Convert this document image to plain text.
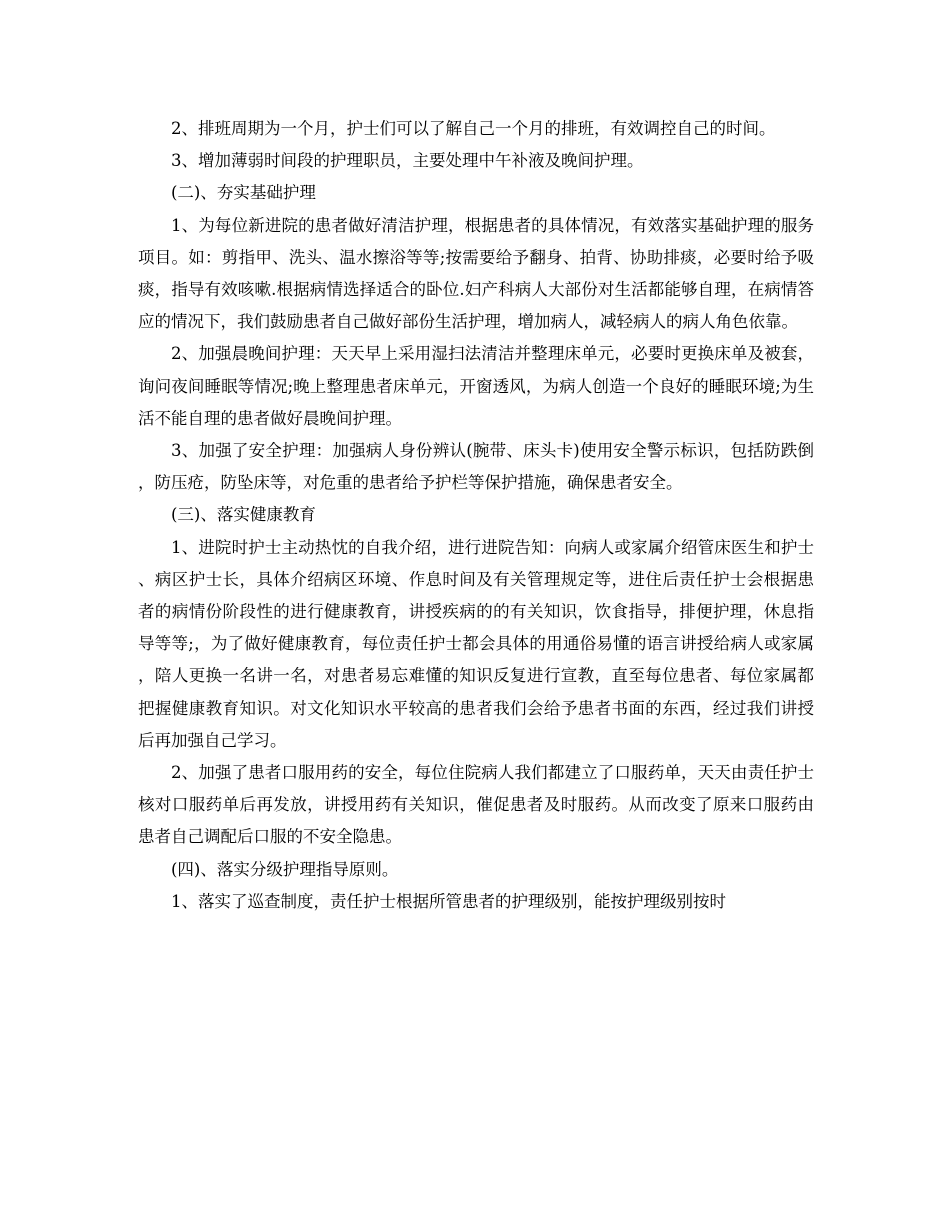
2、排班周期为一个月，护士们可以了解自己一个月的排班，有效调控自己的时间。

3、增加薄弱时间段的护理职员，主要处理中午补液及晚间护理。

(二)、夯实基础护理

1、为每位新进院的患者做好清洁护理，根据患者的具体情况，有效落实基础护理的服务项目。如：剪指甲、洗头、温水擦浴等等;按需要给予翻身、拍背、协助排痰，必要时给予吸痰，指导有效咳嗽.根据病情选择适合的卧位.妇产科病人大部份对生活都能够自理，在病情答应的情况下，我们鼓励患者自己做好部份生活护理，增加病人，减轻病人的病人角色依靠。

2、加强晨晚间护理：天天早上采用湿扫法清洁并整理床单元，必要时更换床单及被套，询问夜间睡眠等情况;晚上整理患者床单元，开窗透风，为病人创造一个良好的睡眠环境;为生活不能自理的患者做好晨晚间护理。

3、加强了安全护理：加强病人身份辨认(腕带、床头卡)使用安全警示标识，包括防跌倒，防压疮，防坠床等，对危重的患者给予护栏等保护措施，确保患者安全。

(三)、落实健康教育

1、进院时护士主动热忱的自我介绍，进行进院告知：向病人或家属介绍管床医生和护士、病区护士长，具体介绍病区环境、作息时间及有关管理规定等，进住后责任护士会根据患者的病情份阶段性的进行健康教育，讲授疾病的的有关知识，饮食指导，排便护理，休息指导等等;，为了做好健康教育，每位责任护士都会具体的用通俗易懂的语言讲授给病人或家属，陪人更换一名讲一名，对患者易忘难懂的知识反复进行宣教，直至每位患者、每位家属都把握健康教育知识。对文化知识水平较高的患者我们会给予患者书面的东西，经过我们讲授后再加强自己学习。

2、加强了患者口服用药的安全，每位住院病人我们都建立了口服药单，天天由责任护士核对口服药单后再发放，讲授用药有关知识，催促患者及时服药。从而改变了原来口服药由患者自己调配后口服的不安全隐患。

(四)、落实分级护理指导原则。

1、落实了巡查制度，责任护士根据所管患者的护理级别，能按护理级别按时
